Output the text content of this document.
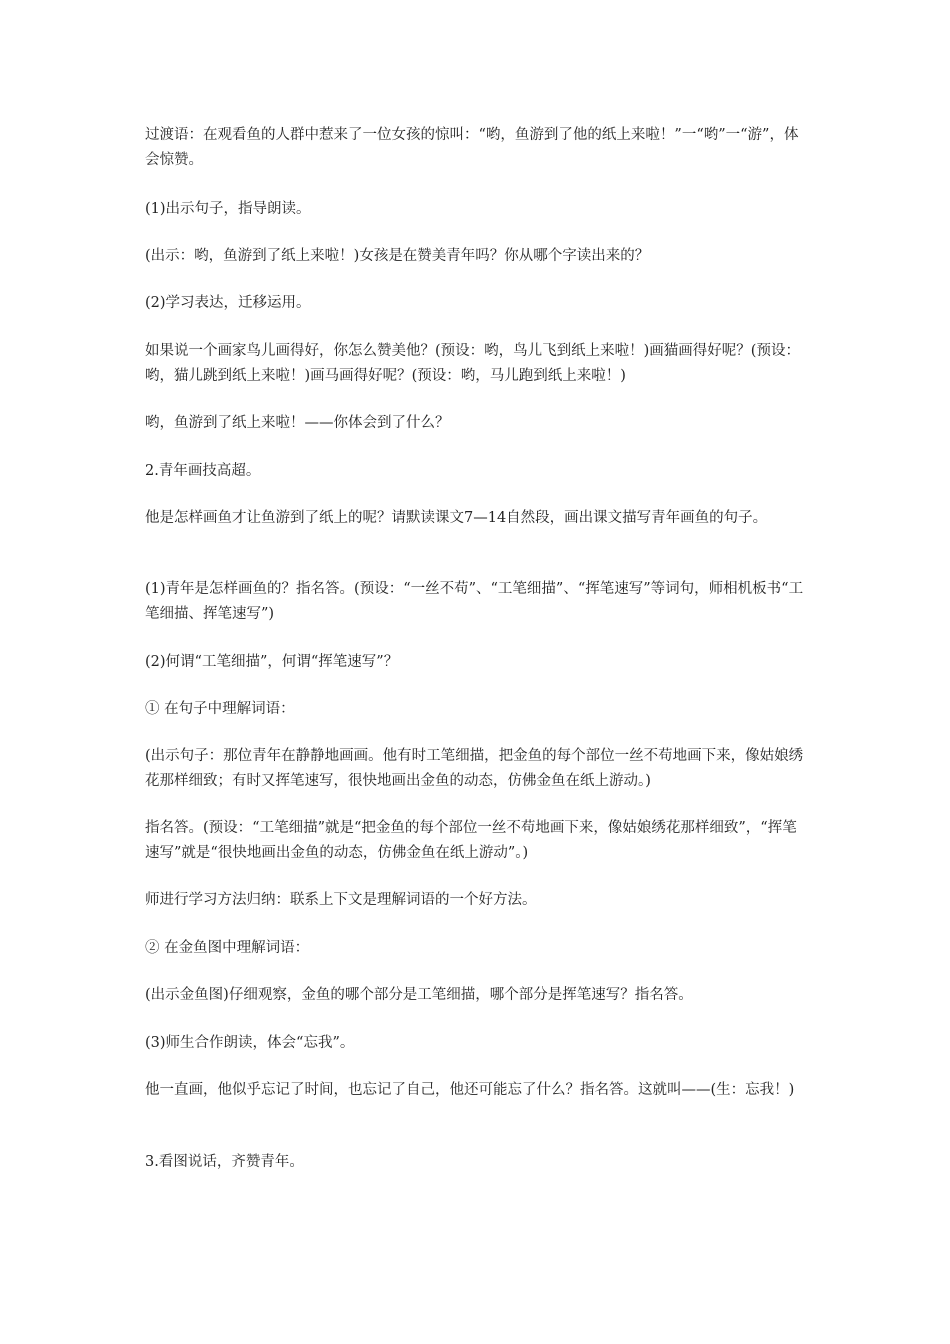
过渡语：在观看鱼的人群中惹来了一位女孩的惊叫：“哟，鱼游到了他的纸上来啦！”一“哟”一“游”，体会惊赞。

(1)出示句子，指导朗读。

(出示：哟，鱼游到了纸上来啦！)女孩是在赞美青年吗？你从哪个字读出来的？

(2)学习表达，迁移运用。

如果说一个画家鸟儿画得好，你怎么赞美他？(预设：哟，鸟儿飞到纸上来啦！)画猫画得好呢？(预设：哟，猫儿跳到纸上来啦！)画马画得好呢？(预设：哟，马儿跑到纸上来啦！)

哟，鱼游到了纸上来啦！——你体会到了什么？

2.青年画技高超。

他是怎样画鱼才让鱼游到了纸上的呢？请默读课文7—14自然段，画出课文描写青年画鱼的句子。

(1)青年是怎样画鱼的？指名答。(预设：“一丝不苟”、“工笔细描”、“挥笔速写”等词句，师相机板书“工笔细描、挥笔速写”)

(2)何谓“工笔细描”，何谓“挥笔速写”？

① 在句子中理解词语：

(出示句子：那位青年在静静地画画。他有时工笔细描，把金鱼的每个部位一丝不苟地画下来，像姑娘绣花那样细致；有时又挥笔速写，很快地画出金鱼的动态，仿佛金鱼在纸上游动。)

指名答。(预设：“工笔细描”就是“把金鱼的每个部位一丝不苟地画下来，像姑娘绣花那样细致”，“挥笔速写”就是“很快地画出金鱼的动态，仿佛金鱼在纸上游动”。)

师进行学习方法归纳：联系上下文是理解词语的一个好方法。

② 在金鱼图中理解词语：

(出示金鱼图)仔细观察，金鱼的哪个部分是工笔细描，哪个部分是挥笔速写？指名答。

(3)师生合作朗读，体会“忘我”。

他一直画，他似乎忘记了时间，也忘记了自己，他还可能忘了什么？指名答。这就叫——(生：忘我！)

3.看图说话，齐赞青年。
